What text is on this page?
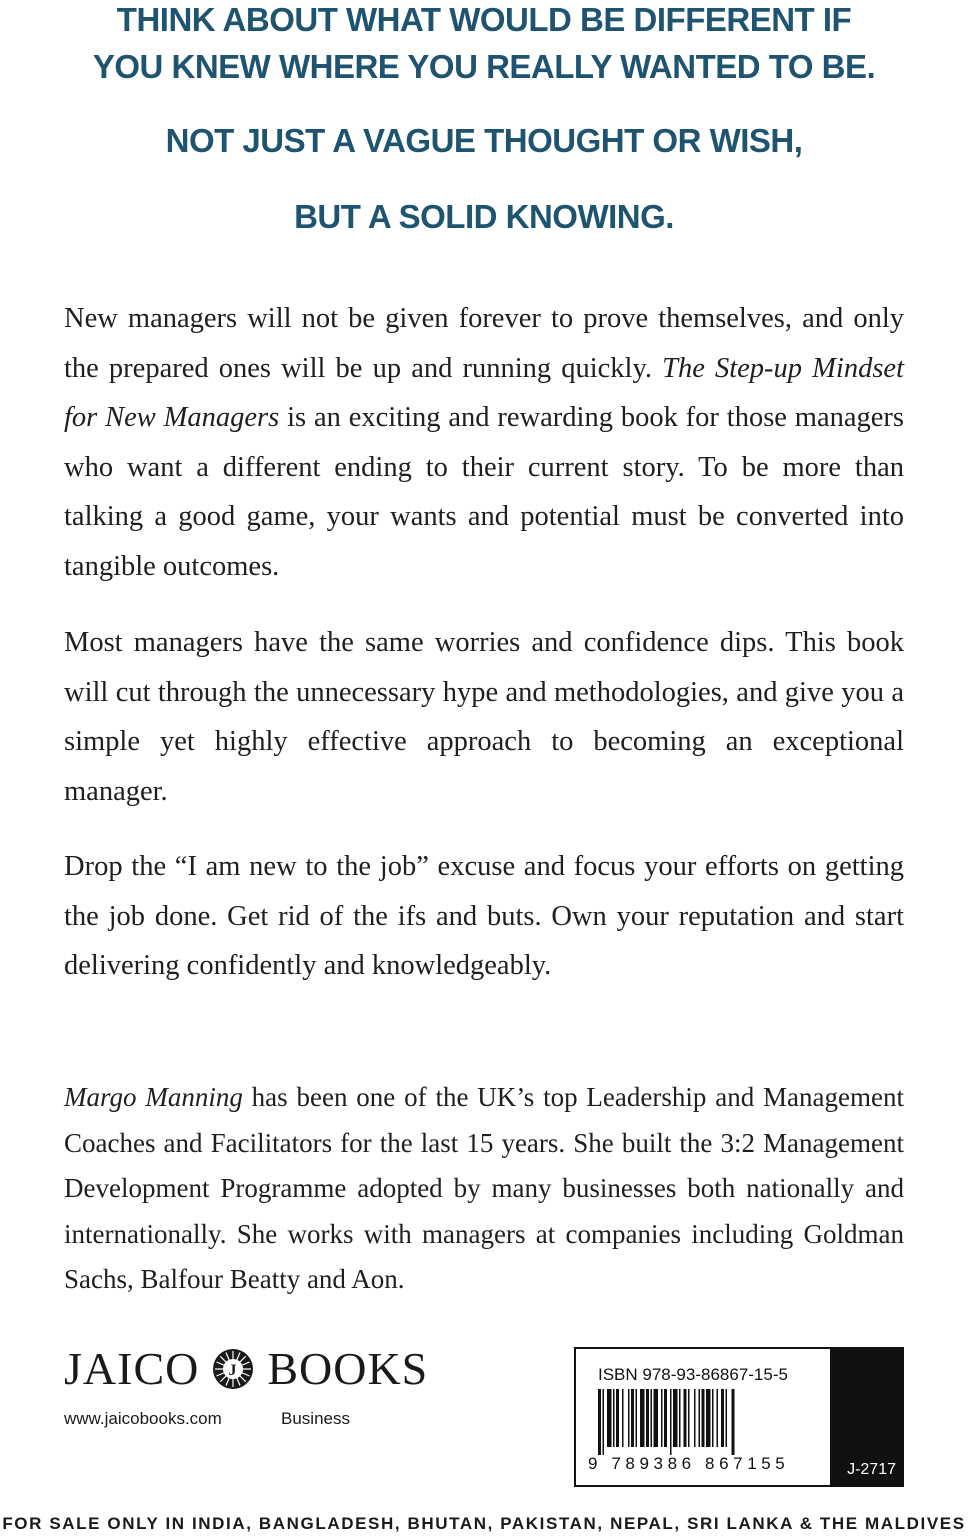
THINK ABOUT WHAT WOULD BE DIFFERENT IF
YOU KNEW WHERE YOU REALLY WANTED TO BE.

NOT JUST A VAGUE THOUGHT OR WISH,

BUT A SOLID KNOWING.

New managers will not be given forever to prove themselves, and only the prepared ones will be up and running quickly. The Step-up Mindset for New Managers is an exciting and rewarding book for those managers who want a different ending to their current story. To be more than talking a good game, your wants and potential must be converted into tangible outcomes.

Most managers have the same worries and confidence dips. This book will cut through the unnecessary hype and methodologies, and give you a simple yet highly effective approach to becoming an exceptional manager.

Drop the “I am new to the job” excuse and focus your efforts on getting the job done. Get rid of the ifs and buts. Own your reputation and start delivering confidently and knowledgeably.

Margo Manning has been one of the UK’s top Leadership and Management Coaches and Facilitators for the last 15 years. She built the 3:2 Management Development Programme adopted by many businesses both nationally and internationally. She works with managers at companies including Goldman Sachs, Balfour Beatty and Aon.

JAICO J BOOKS
www.jaicobooks.com	Business
ISBN 978-93-86867-15-5
9 789386 867155	J-2717
FOR SALE ONLY IN INDIA, BANGLADESH, BHUTAN, PAKISTAN, NEPAL, SRI LANKA & THE MALDIVES
